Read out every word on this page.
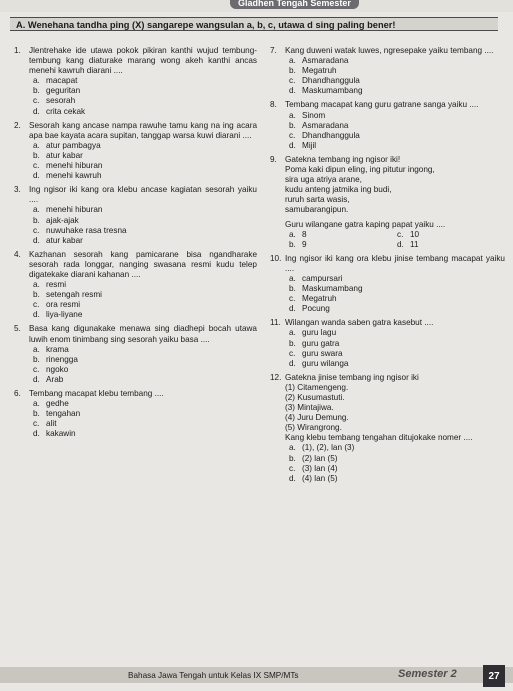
Gladhen Tengah Semester
A. Wenehana tandha ping (X) sangarepe wangsulan a, b, c, utawa d sing paling bener!
1. Jlentrehake ide utawa pokok pikiran kanthi wujud tembung-tembung kang diaturake marang wong akeh kanthi ancas menehi kawruh diarani ....
a. macapat
b. geguritan
c. sesorah
d. crita cekak
2. Sesorah kang ancase nampa rawuhe tamu kang na ing acara apa bae kayata acara supitan, tanggap warsa kuwi diarani ....
a. atur pambagya
b. atur kabar
c. menehi hiburan
d. menehi kawruh
3. Ing ngisor iki kang ora klebu ancase kagiatan sesorah yaiku ....
a. menehi hiburan
b. ajak-ajak
c. nuwuhake rasa tresna
d. atur kabar
4. Kazhanan sesorah kang pamicarane bisa ngandharake sesorah rada longgar, nanging swasana resmi kudu telep digatekake diarani kahanan ....
a. resmi
b. setengah resmi
c. ora resmi
d. liya-liyane
5. Basa kang digunakake menawa sing diadhepi bocah utawa luwih enom tinimbang sing sesorah yaiku basa ....
a. krama
b. rinengga
c. ngoko
d. Arab
6. Tembang macapat klebu tembang ....
a. gedhe
b. tengahan
c. alit
d. kakawin
7. Kang duweni watak luwes, ngresepake yaiku tembang ....
a. Asmaradana
b. Megatruh
c. Dhandhanggula
d. Maskumambang
8. Tembang macapat kang guru gatrane sanga yaiku ....
a. Sinom
b. Asmaradana
c. Dhandhanggula
d. Mijil
9. Gatekna tembang ing ngisor iki!
Poma kaki dipun eling, ing pitutur ingong,
sira uga atriya arane,
kudu anteng jatmika ing budi,
ruruh sarta wasis,
samubarangipun.
Guru wilangane gatra kaping papat yaiku ....
a. 8	c. 10
b. 9	d. 11
10. Ing ngisor iki kang ora klebu jinise tembang macapat yaiku ....
a. campursari
b. Maskumambang
c. Megatruh
d. Pocung
11. Wilangan wanda saben gatra kasebut ....
a. guru lagu
b. guru gatra
c. guru swara
d. guru wilanga
12. Gatekna jinise tembang ing ngisor iki
(1) Citamengeng.
(2) Kusumastuti.
(3) Mintajiwa.
(4) Juru Demung.
(5) Wirangrong.
Kang klebu tembang tengahan ditujokake nomer ....
a. (1), (2), lan (3)
b. (2) lan (5)
c. (3) lan (4)
d. (4) lan (5)
Bahasa Jawa Tengah untuk Kelas IX SMP/MTs	Semester 2	27
